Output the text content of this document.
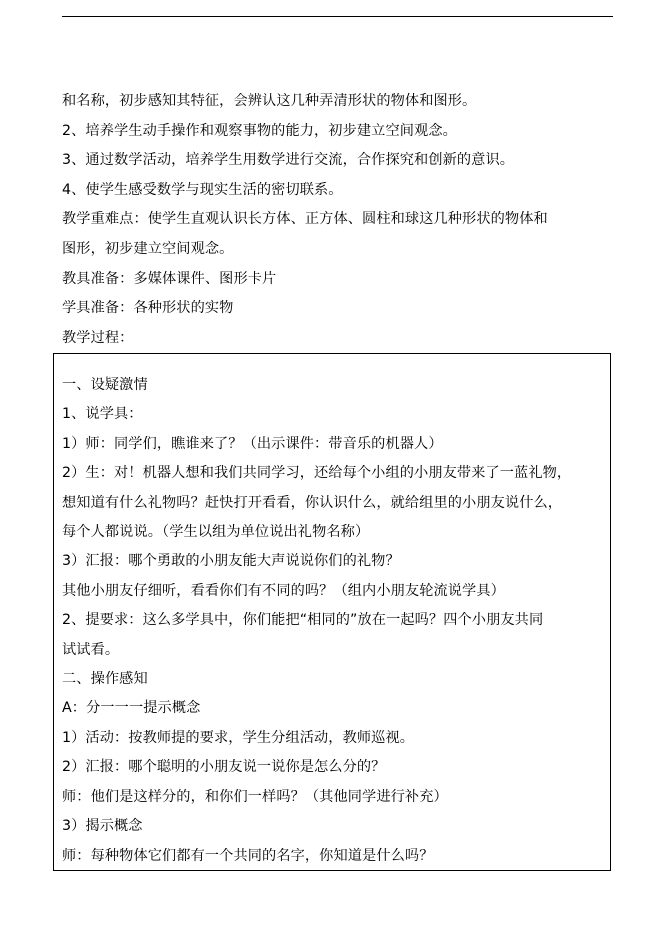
和名称，初步感知其特征，会辨认这几种弄清形状的物体和图形。
2、培养学生动手操作和观察事物的能力，初步建立空间观念。
3、通过数学活动，培养学生用数学进行交流，合作探究和创新的意识。
4、使学生感受数学与现实生活的密切联系。
教学重难点：使学生直观认识长方体、正方体、圆柱和球这几种形状的物体和
图形，初步建立空间观念。
教具准备：多媒体课件、图形卡片
学具准备：各种形状的实物
教学过程：
一、设疑激情
1、说学具：
1）师：同学们，瞧谁来了？（出示课件：带音乐的机器人）
2）生：对！机器人想和我们共同学习，还给每个小组的小朋友带来了一蓝礼物，
想知道有什么礼物吗？赶快打开看看，你认识什么，就给组里的小朋友说什么，
每个人都说说。（学生以组为单位说出礼物名称）
3）汇报：哪个勇敢的小朋友能大声说说你们的礼物？
其他小朋友仔细听，看看你们有不同的吗？（组内小朋友轮流说学具）
2、提要求：这么多学具中，你们能把“相同的”放在一起吗？四个小朋友共同
试试看。
二、操作感知
A：分一一一提示概念
1）活动：按教师提的要求，学生分组活动，教师巡视。
2）汇报：哪个聪明的小朋友说一说你是怎么分的？
师：他们是这样分的，和你们一样吗？（其他同学进行补充）
3）揭示概念
师：每种物体它们都有一个共同的名字，你知道是什么吗？
